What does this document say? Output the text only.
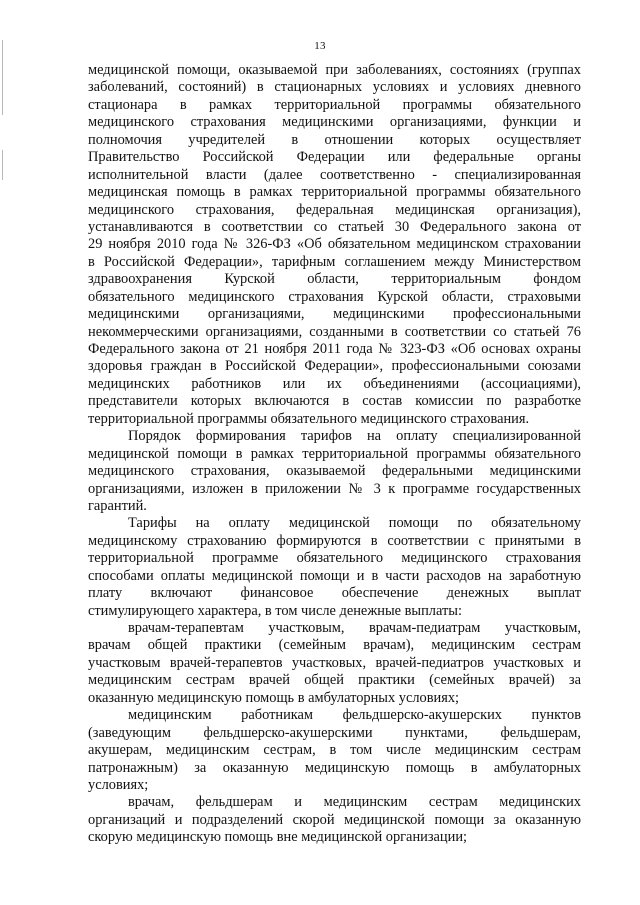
13
медицинской помощи, оказываемой при заболеваниях, состояниях (группах
заболеваний, состояний) в стационарных условиях и условиях дневного
стационара в рамках территориальной программы обязательного
медицинского страхования медицинскими организациями, функции и
полномочия учредителей в отношении которых осуществляет
Правительство Российской Федерации или федеральные органы
исполнительной власти (далее соответственно - специализированная
медицинская помощь в рамках территориальной программы обязательного
медицинского страхования, федеральная медицинская организация),
устанавливаются в соответствии со статьей 30 Федерального закона от
29 ноября 2010 года № 326-ФЗ «Об обязательном медицинском страховании
в Российской Федерации», тарифным соглашением между Министерством
здравоохранения Курской области, территориальным фондом
обязательного медицинского страхования Курской области, страховыми
медицинскими организациями, медицинскими профессиональными
некоммерческими организациями, созданными в соответствии со статьей 76
Федерального закона от 21 ноября 2011 года № 323-ФЗ «Об основах охраны
здоровья граждан в Российской Федерации», профессиональными союзами
медицинских работников или их объединениями (ассоциациями),
представители которых включаются в состав комиссии по разработке
территориальной программы обязательного медицинского страхования.
Порядок формирования тарифов на оплату специализированной
медицинской помощи в рамках территориальной программы обязательного
медицинского страхования, оказываемой федеральными медицинскими
организациями, изложен в приложении № 3 к программе государственных
гарантий.
Тарифы на оплату медицинской помощи по обязательному
медицинскому страхованию формируются в соответствии с принятыми в
территориальной программе обязательного медицинского страхования
способами оплаты медицинской помощи и в части расходов на заработную
плату включают финансовое обеспечение денежных выплат
стимулирующего характера, в том числе денежные выплаты:
врачам-терапевтам участковым, врачам-педиатрам участковым,
врачам общей практики (семейным врачам), медицинским сестрам
участковым врачей-терапевтов участковых, врачей-педиатров участковых и
медицинским сестрам врачей общей практики (семейных врачей) за
оказанную медицинскую помощь в амбулаторных условиях;
медицинским работникам фельдшерско-акушерских пунктов
(заведующим фельдшерско-акушерскими пунктами, фельдшерам,
акушерам, медицинским сестрам, в том числе медицинским сестрам
патронажным) за оказанную медицинскую помощь в амбулаторных
условиях;
врачам, фельдшерам и медицинским сестрам медицинских
организаций и подразделений скорой медицинской помощи за оказанную
скорую медицинскую помощь вне медицинской организации;
